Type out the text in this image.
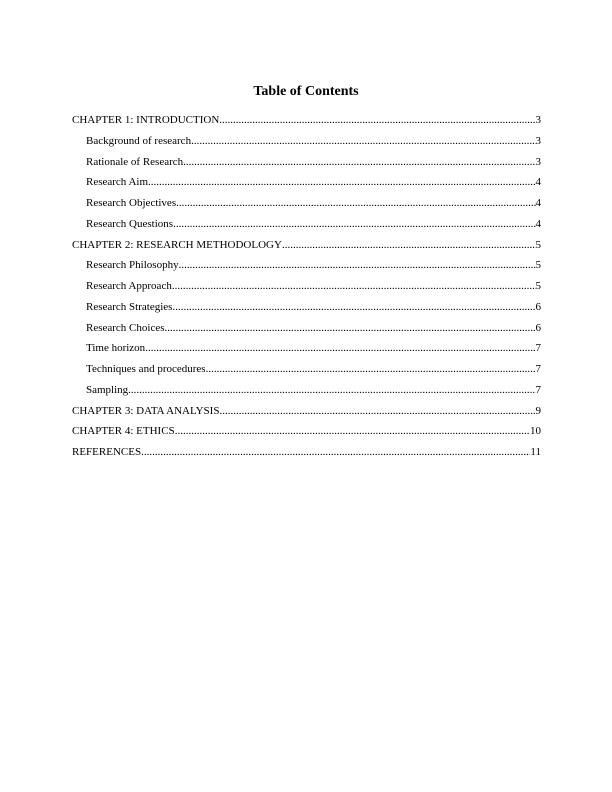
Table of Contents
CHAPTER 1: INTRODUCTION .....	3
Background of research .....	3
Rationale of Research .....	3
Research Aim .....	4
Research Objectives .....	4
Research Questions .....	4
CHAPTER 2: RESEARCH METHODOLOGY .....	5
Research Philosophy .....	5
Research Approach .....	5
Research Strategies .....	6
Research Choices .....	6
Time horizon .....	7
Techniques and procedures .....	7
Sampling .....	7
CHAPTER 3: DATA ANALYSIS .....	9
CHAPTER 4: ETHICS .....	10
REFERENCES .....	11
